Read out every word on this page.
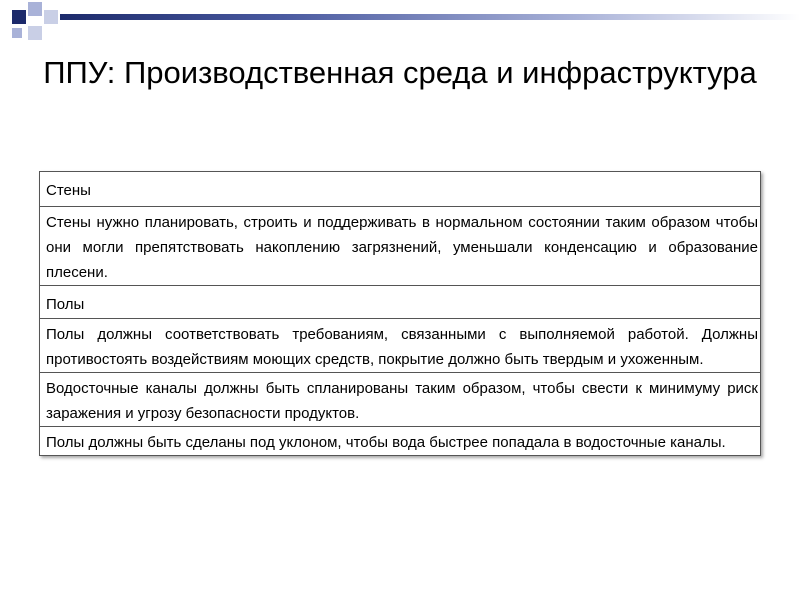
ППУ: Производственная среда и инфраструктура
Стены
Стены нужно планировать, строить и поддерживать в нормальном состоянии таким образом чтобы они могли препятствовать накоплению загрязнений, уменьшали конденсацию и образование плесени.
Полы
Полы должны соответствовать требованиям, связанными с выполняемой работой. Должны противостоять воздействиям моющих средств, покрытие должно быть твердым и ухоженным.
Водосточные каналы должны быть спланированы таким образом, чтобы свести к минимуму риск заражения и угрозу безопасности продуктов.
Полы должны быть сделаны под уклоном, чтобы вода быстрее попадала в водосточные каналы.
